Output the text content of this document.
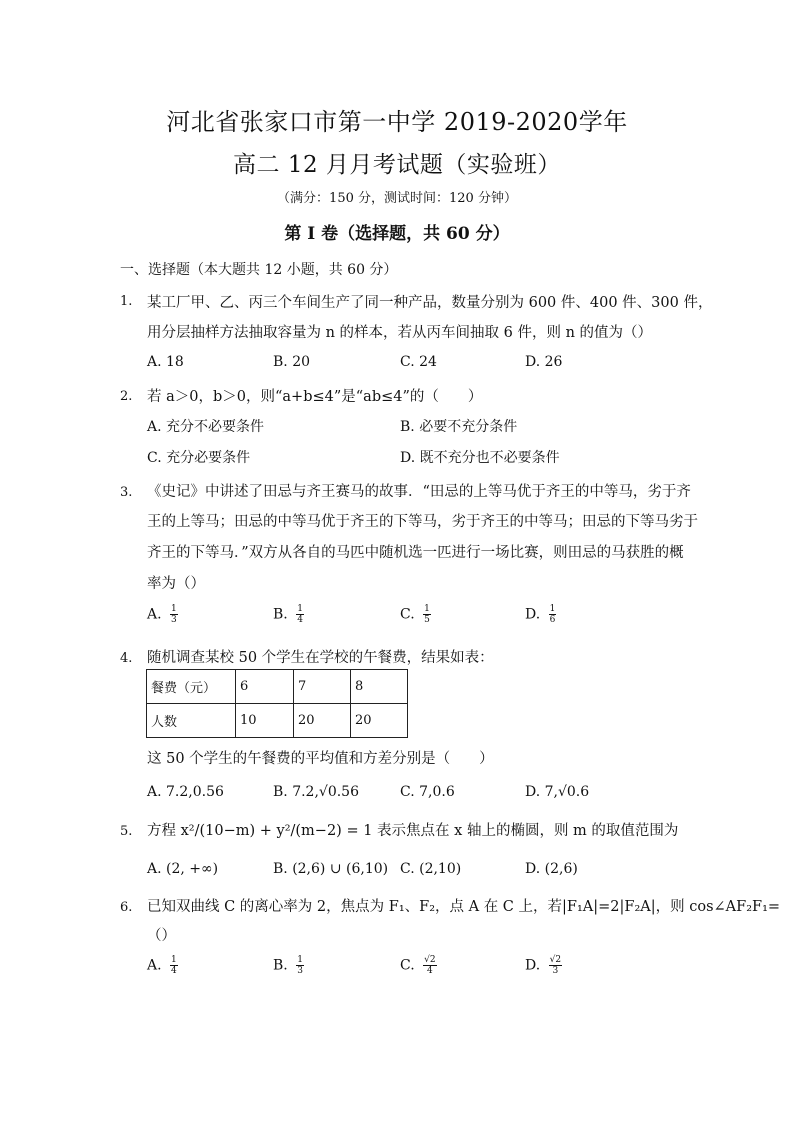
河北省张家口市第一中学 2019-2020学年
高二 12 月月考试题（实验班）
（满分：150 分，测试时间：120 分钟）
第 I 卷（选择题，共 60 分）
一、选择题（本大题共 12 小题，共 60 分）
1. 某工厂甲、乙、丙三个车间生产了同一种产品，数量分别为 600 件、400 件、300 件，
用分层抽样方法抽取容量为 n 的样本，若从丙车间抽取 6 件，则 n 的值为（）
A. 18	B. 20	C. 24	D. 26
2. 若 a＞0，b＞0，则“a+b≤4”是“ab≤4”的（　　）
A. 充分不必要条件	B. 必要不充分条件
C. 充分必要条件	D. 既不充分也不必要条件
3. 《史记》中讲述了田忌与齐王赛马的故事．“田忌的上等马优于齐王的中等马，劣于齐
王的上等马；田忌的中等马优于齐王的下等马，劣于齐王的中等马；田忌的下等马劣于
齐王的下等马．”双方从各自的马匹中随机选一匹进行一场比赛，则田忌的马获胜的概
率为（）
A. $\frac{1}{3}$	B. $\frac{1}{4}$	C. $\frac{1}{5}$	D. $\frac{1}{6}$
4. 随机调查某校 50 个学生在学校的午餐费，结果如表：
餐费（元）	6	7	8
人数	10	20	20
这 50 个学生的午餐费的平均值和方差分别是（　　）
A. 7.2,0.56	B. 7.2,√0.56	C. 7,0.6	D. 7,√0.6
5. 方程 x²/(10−m) + y²/(m−2) = 1 表示焦点在 x 轴上的椭圆，则 m 的取值范围为
A. (2, +∞)	B. (2,6) ∪ (6,10) C. (2,10)	D. (2,6)
6. 已知双曲线 C 的离心率为 2，焦点为 F₁、F₂，点 A 在 C 上，若|F₁A|=2|F₂A|，则 cos∠AF₂F₁=
（）
A. $\frac{1}{4}$	B. $\frac{1}{3}$	C. $\frac{√2}{4}$	D. $\frac{√2}{3}$
